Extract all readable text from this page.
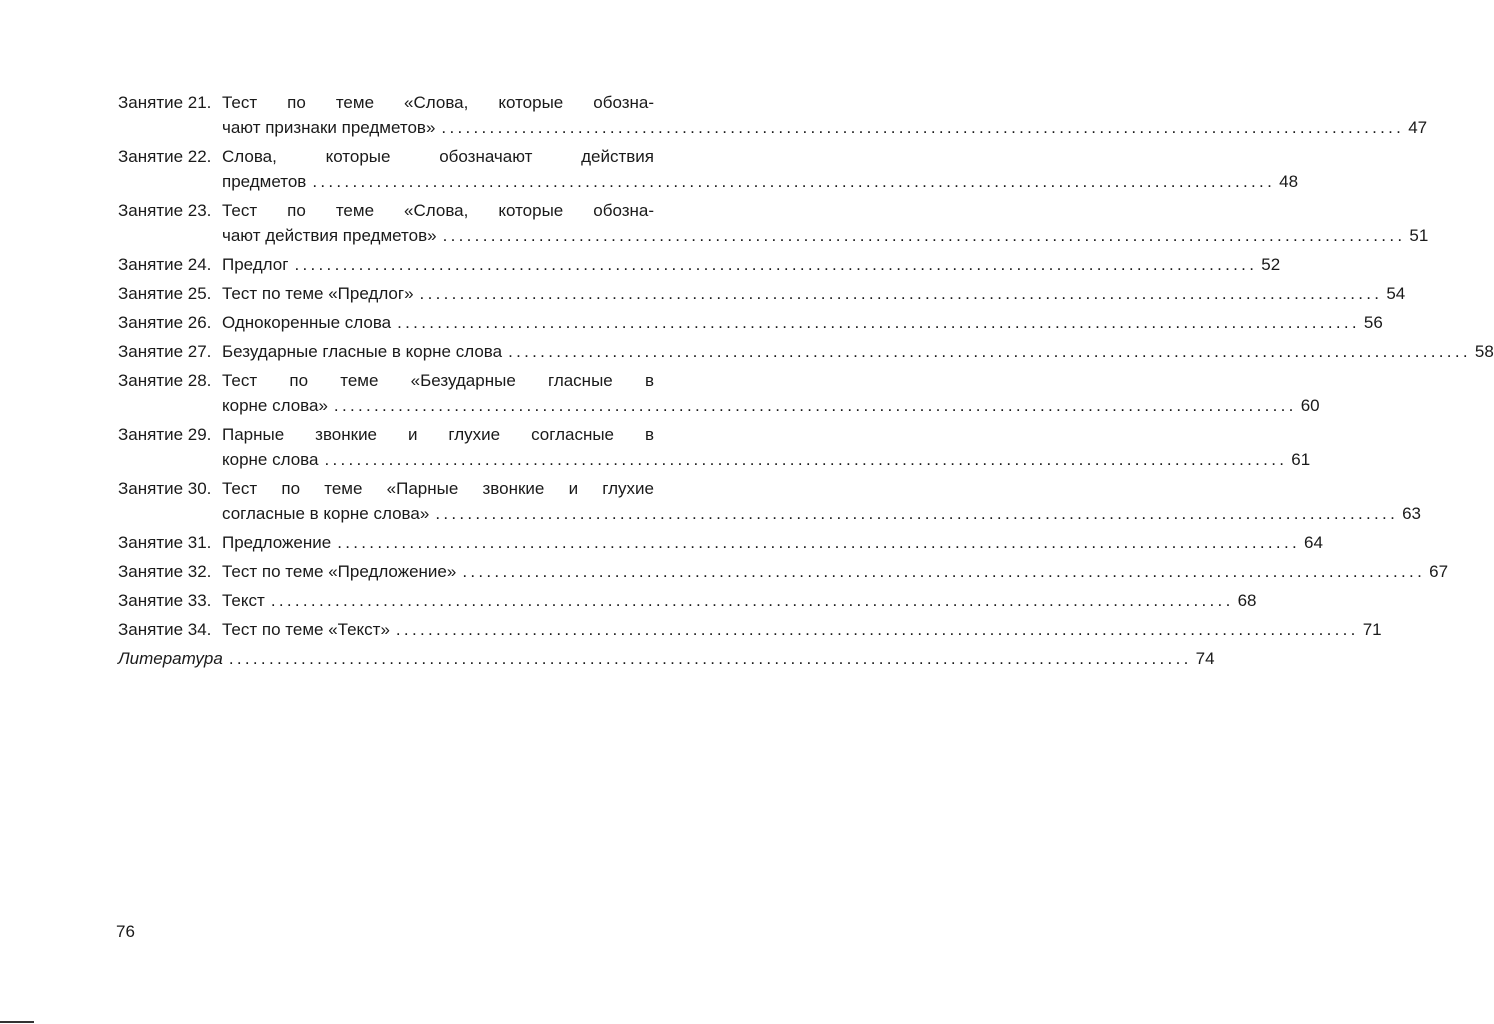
Занятие 21. Тест по теме «Слова, которые обозна-
чают признаки предметов» ........................................................................................................................ 47
Занятие 22. Слова, которые обозначают действия
предметов ........................................................................................................................ 48
Занятие 23. Тест по теме «Слова, которые обозна-
чают действия предметов» ........................................................................................................................ 51
Занятие 24. Предлог ........................................................................................................................ 52
Занятие 25. Тест по теме «Предлог» ........................................................................................................................ 54
Занятие 26. Однокоренные слова ........................................................................................................................ 56
Занятие 27. Безударные гласные в корне слова ........................................................................................................................ 58
Занятие 28. Тест по теме «Безударные гласные в
корне слова» ........................................................................................................................ 60
Занятие 29. Парные звонкие и глухие согласные в
корне слова ........................................................................................................................ 61
Занятие 30. Тест по теме «Парные звонкие и глухие
согласные в корне слова» ........................................................................................................................ 63
Занятие 31. Предложение ........................................................................................................................ 64
Занятие 32. Тест по теме «Предложение» ........................................................................................................................ 67
Занятие 33. Текст ........................................................................................................................ 68
Занятие 34. Тест по теме «Текст» ........................................................................................................................ 71
Литература ........................................................................................................................ 74
76
